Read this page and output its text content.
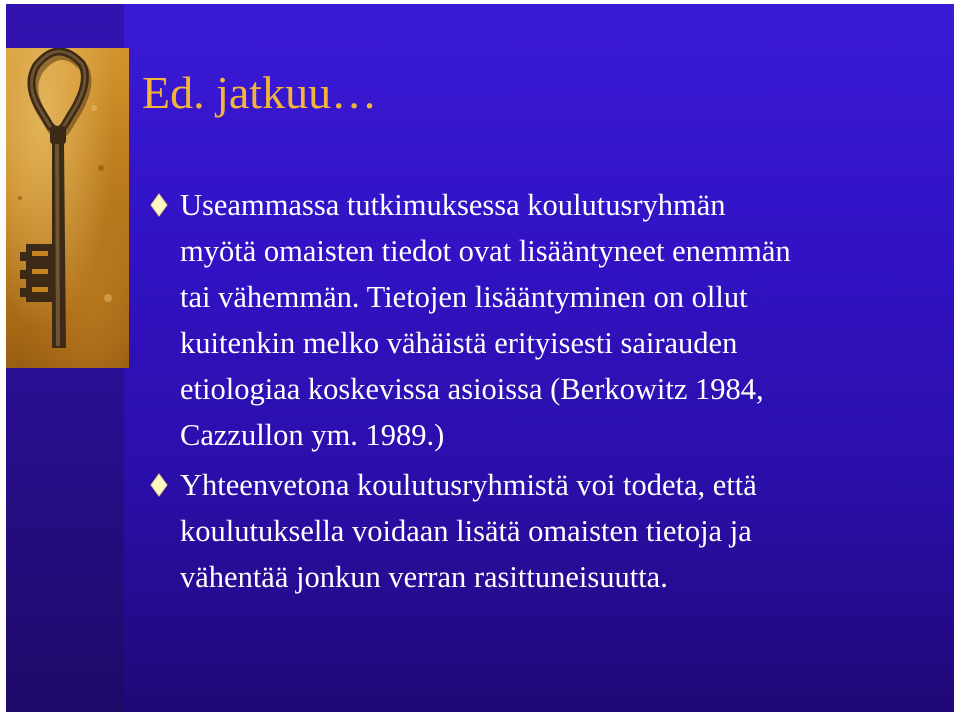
Ed. jatkuu…
Useammassa tutkimuksessa koulutusryhmän
myötä omaisten tiedot ovat lisääntyneet enemmän
tai vähemmän. Tietojen lisääntyminen on ollut
kuitenkin melko vähäistä erityisesti sairauden
etiologiaa koskevissa asioissa (Berkowitz 1984,
Cazzullon ym. 1989.)
Yhteenvetona koulutusryhmistä voi todeta, että
koulutuksella voidaan lisätä omaisten tietoja ja
vähentää jonkun verran rasittuneisuutta.
